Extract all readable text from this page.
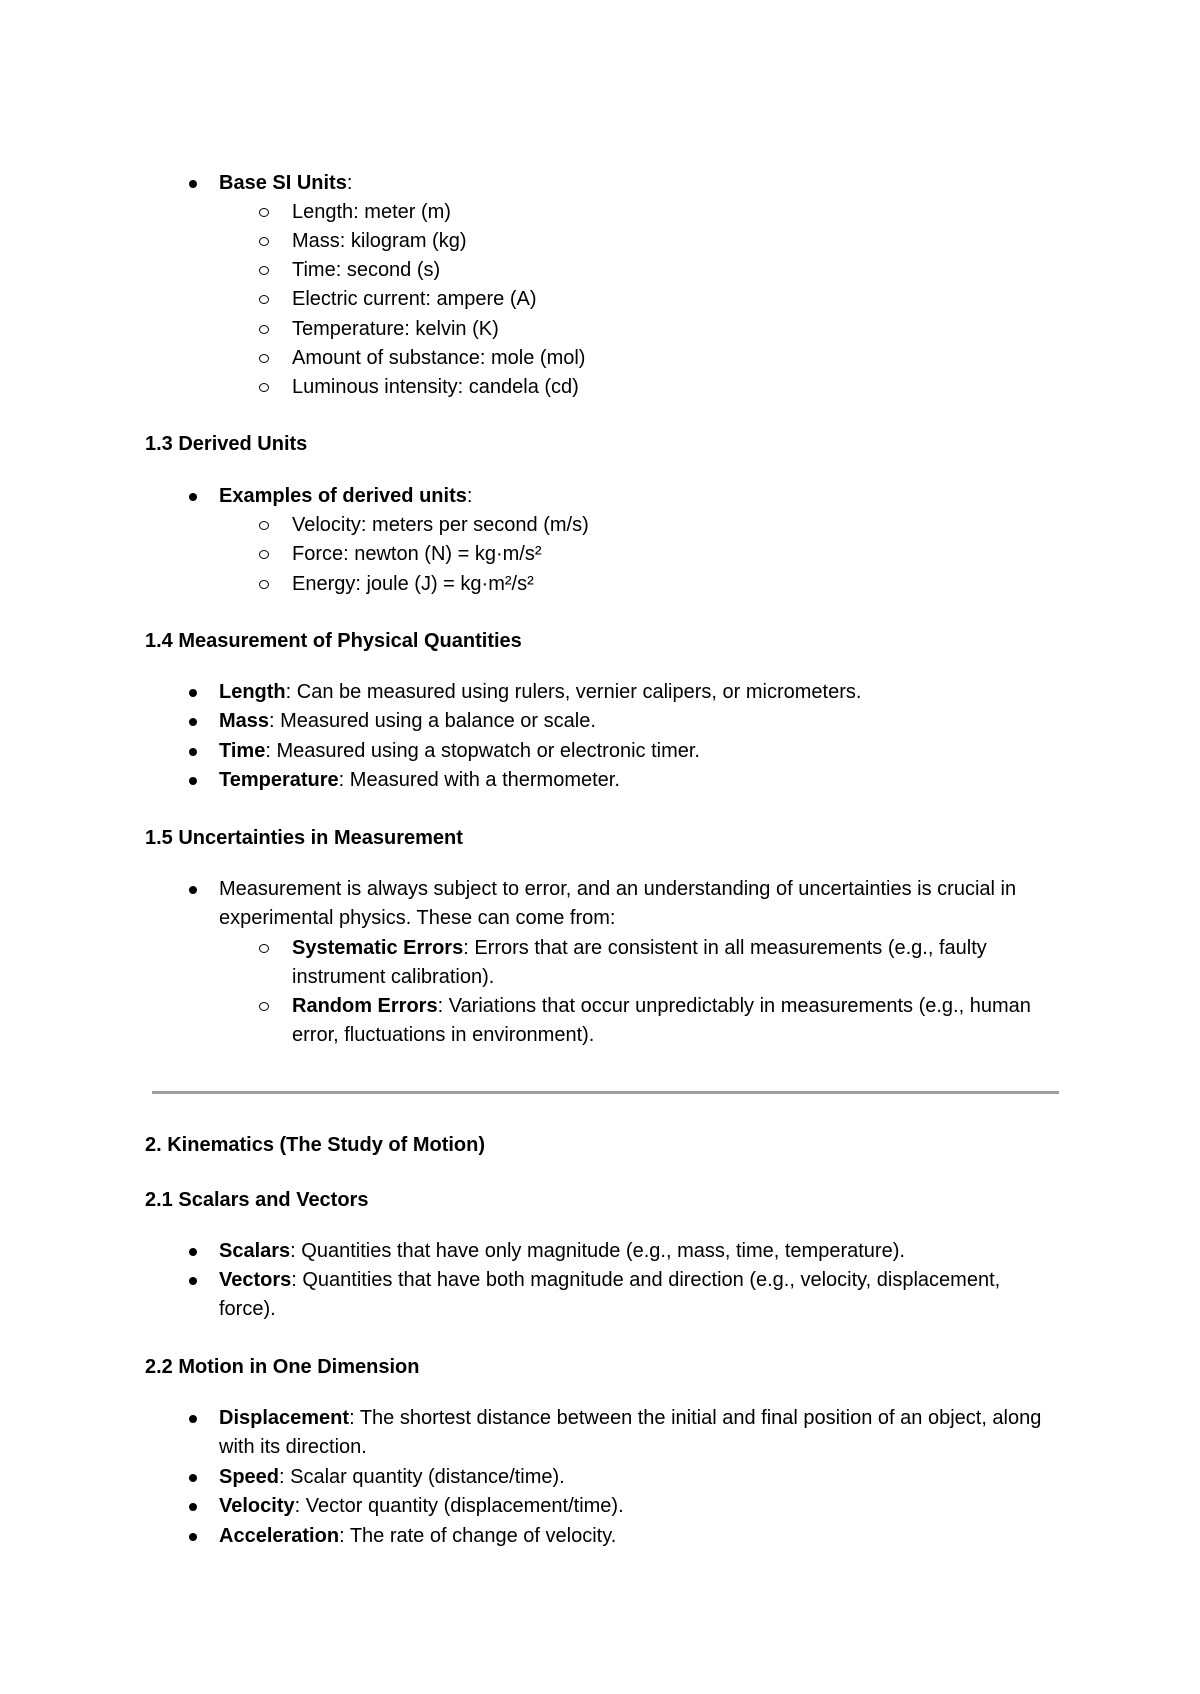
Base SI Units:
Length: meter (m)
Mass: kilogram (kg)
Time: second (s)
Electric current: ampere (A)
Temperature: kelvin (K)
Amount of substance: mole (mol)
Luminous intensity: candela (cd)
1.3 Derived Units
Examples of derived units:
Velocity: meters per second (m/s)
Force: newton (N) = kg·m/s²
Energy: joule (J) = kg·m²/s²
1.4 Measurement of Physical Quantities
Length: Can be measured using rulers, vernier calipers, or micrometers.
Mass: Measured using a balance or scale.
Time: Measured using a stopwatch or electronic timer.
Temperature: Measured with a thermometer.
1.5 Uncertainties in Measurement
Measurement is always subject to error, and an understanding of uncertainties is crucial in experimental physics. These can come from:
Systematic Errors: Errors that are consistent in all measurements (e.g., faulty instrument calibration).
Random Errors: Variations that occur unpredictably in measurements (e.g., human error, fluctuations in environment).
2. Kinematics (The Study of Motion)
2.1 Scalars and Vectors
Scalars: Quantities that have only magnitude (e.g., mass, time, temperature).
Vectors: Quantities that have both magnitude and direction (e.g., velocity, displacement, force).
2.2 Motion in One Dimension
Displacement: The shortest distance between the initial and final position of an object, along with its direction.
Speed: Scalar quantity (distance/time).
Velocity: Vector quantity (displacement/time).
Acceleration: The rate of change of velocity.
